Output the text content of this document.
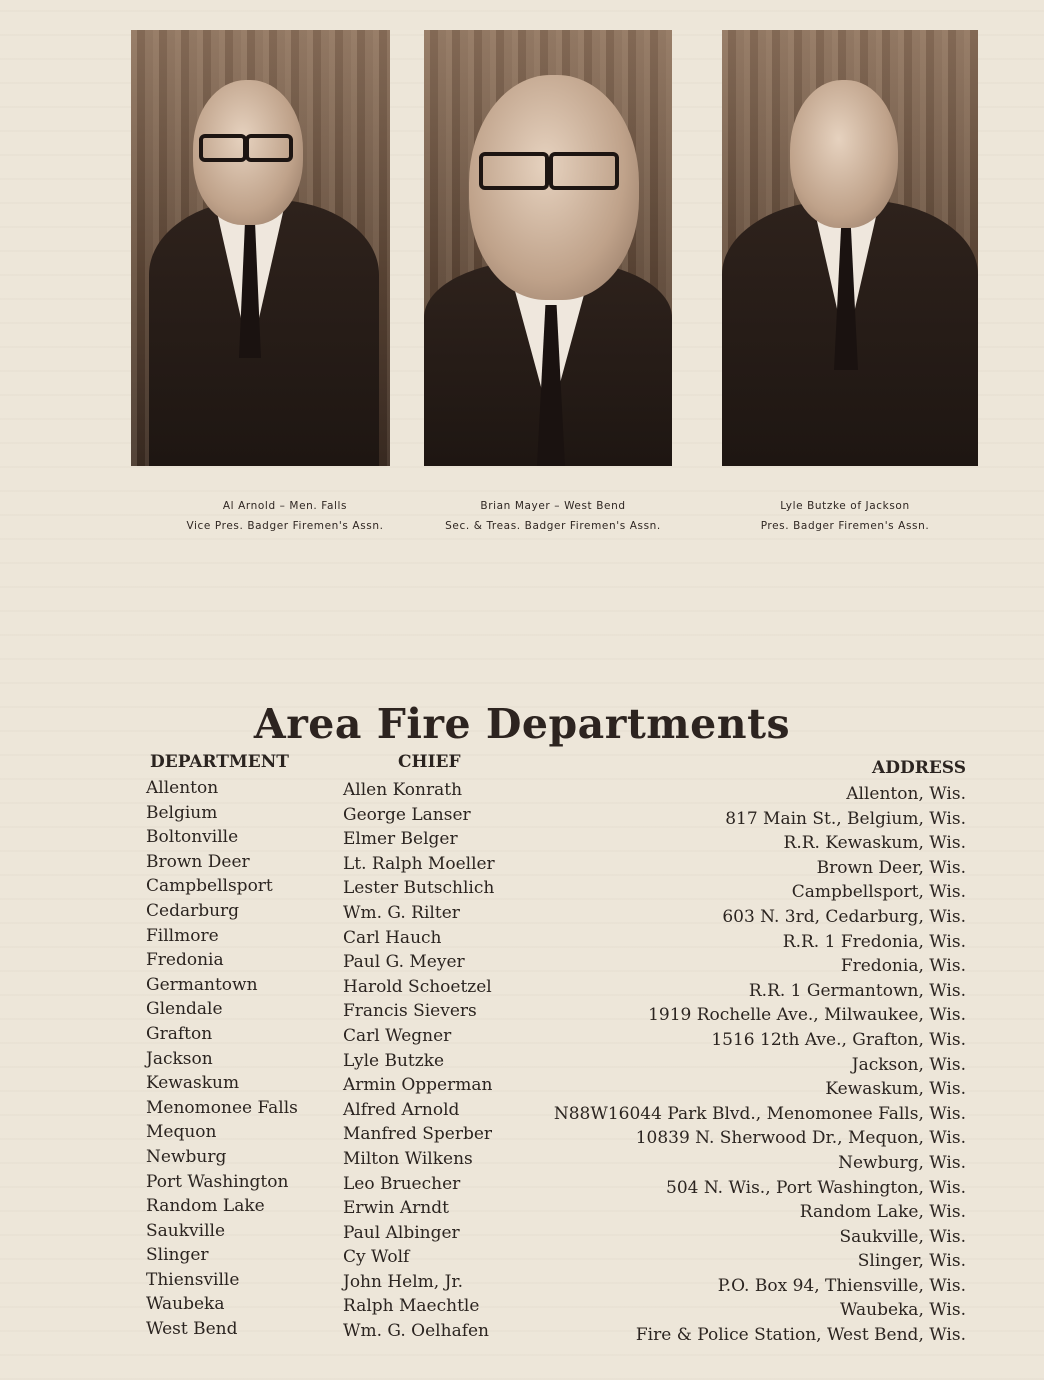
Al Arnold – Men. Falls
Vice Pres. Badger Firemen's Assn.
Brian Mayer – West Bend
Sec. & Treas. Badger Firemen's Assn.
Lyle Butzke of Jackson
Pres. Badger Firemen's Assn.
Area Fire Departments
DEPARTMENT	CHIEF	ADDRESS
Allenton
Belgium
Boltonville
Brown Deer
Campbellsport
Cedarburg
Fillmore
Fredonia
Germantown
Glendale
Grafton
Jackson
Kewaskum
Menomonee Falls
Mequon
Newburg
Port Washington
Random Lake
Saukville
Slinger
Thiensville
Waubeka
West Bend
Allen Konrath
George Lanser
Elmer Belger
Lt. Ralph Moeller
Lester Butschlich
Wm. G. Rilter
Carl Hauch
Paul G. Meyer
Harold Schoetzel
Francis Sievers
Carl Wegner
Lyle Butzke
Armin Opperman
Alfred Arnold
Manfred Sperber
Milton Wilkens
Leo Bruecher
Erwin Arndt
Paul Albinger
Cy Wolf
John Helm, Jr.
Ralph Maechtle
Wm. G. Oelhafen
Allenton, Wis.
817 Main St., Belgium, Wis.
R.R. Kewaskum, Wis.
Brown Deer, Wis.
Campbellsport, Wis.
603 N. 3rd, Cedarburg, Wis.
R.R. 1 Fredonia, Wis.
Fredonia, Wis.
R.R. 1 Germantown, Wis.
1919 Rochelle Ave., Milwaukee, Wis.
1516 12th Ave., Grafton, Wis.
Jackson, Wis.
Kewaskum, Wis.
N88W16044 Park Blvd., Menomonee Falls, Wis.
10839 N. Sherwood Dr., Mequon, Wis.
Newburg, Wis.
504 N. Wis., Port Washington, Wis.
Random Lake, Wis.
Saukville, Wis.
Slinger, Wis.
P.O. Box 94, Thiensville, Wis.
Waubeka, Wis.
Fire & Police Station, West Bend, Wis.
